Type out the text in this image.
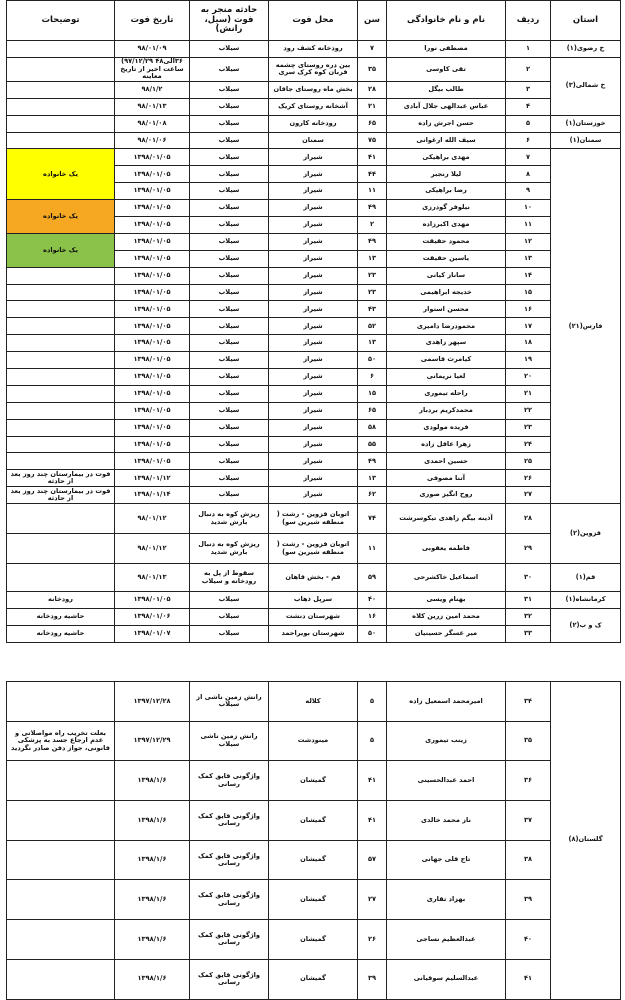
استان	ردیف	نام و نام خانوادگی	سن	محل فوت	حادثه منجر به فوت (سیل، رانش)	تاریخ فوت	توضیحات
خ رضوی(۱)	۱	مصطفی نورا	۷	رودخانه کشف رود	سیلاب	۹۸/۰۱/۰۹	
خ شمالی(۳)	۲	تقی کاوسی	۳۵	بین دره روستای چشمه قربان کوه کرک سری	سیلاب	۳۶الی۴۸ ۹۷/۱۲/۲۹) ساعت اخیر از تاریخ معاینه	
	۳	طالب بیگل	۲۸	بخش ماه روستای جاقان	سیلاب	۹۸/۱/۲	
	۴	عباس عبدالهی جلال آبادی	۲۱	آشخانه روستای کریک	سیلاب	۹۸/۰۱/۱۳	
خوزستان(۱)	۵	حسن اجرش زاده	۶۵	رودخانه کارون	سیلاب	۹۸/۰۱/۰۸	
سمنان(۱)	۶	سیف الله ارغوانی	۷۵	سمنان	سیلاب	۹۸/۰۱/۰۶	
فارس(۲۱)	۷	مهدی براهیکی	۴۱	شیراز	سیلاب	۱۳۹۸/۰۱/۰۵	یک خانواده
	۸	لیلا رنجبر	۴۴	شیراز	سیلاب	۱۳۹۸/۰۱/۰۵	
	۹	رضا براهیکی	۱۱	شیراز	سیلاب	۱۳۹۸/۰۱/۰۵	
	۱۰	نیلوفر گودرزی	۴۹	شیراز	سیلاب	۱۳۹۸/۰۱/۰۵	یک خانواده
	۱۱	مهدی اکبرزاده	۲	شیراز	سیلاب	۱۳۹۸/۰۱/۰۵	
	۱۲	محمود حقیقت	۴۹	شیراز	سیلاب	۱۳۹۸/۰۱/۰۵	یک خانواده
	۱۳	یاسین حقیقت	۱۳	شیراز	سیلاب	۱۳۹۸/۰۱/۰۵	
	۱۴	ساناز کیانی	۲۳	شیراز	سیلاب	۱۳۹۸/۰۱/۰۵	
	۱۵	خدیجه ابراهیمی	۲۳	شیراز	سیلاب	۱۳۹۸/۰۱/۰۵	
	۱۶	محسن استوار	۴۳	شیراز	سیلاب	۱۳۹۸/۰۱/۰۵	
	۱۷	محمودرضا دامیری	۵۲	شیراز	سیلاب	۱۳۹۸/۰۱/۰۵	
	۱۸	سپهر زاهدی	۱۳	شیراز	سیلاب	۱۳۹۸/۰۱/۰۵	
	۱۹	کیامرث قاسمی	۵۰	شیراز	سیلاب	۱۳۹۸/۰۱/۰۵	
	۲۰	لعیا نریمانی	۶	شیراز	سیلاب	۱۳۹۸/۰۱/۰۵	
	۲۱	راحله تیموری	۱۵	شیراز	سیلاب	۱۳۹۸/۰۱/۰۵	
	۲۲	محمدکریم بردبار	۶۵	شیراز	سیلاب	۱۳۹۸/۰۱/۰۵	
	۲۳	فریده مولودی	۵۸	شیراز	سیلاب	۱۳۹۸/۰۱/۰۵	
	۲۴	زهرا عاقل زاده	۵۵	شیراز	سیلاب	۱۳۹۸/۰۱/۰۵	
	۲۵	حسین احمدی	۴۹	شیراز	سیلاب	۱۳۹۸/۰۱/۰۵	
	۲۶	آتنا مصوفی	۱۳	شیراز	سیلاب	۱۳۹۸/۰۱/۱۲	فوت در بیمارستان چند روز بعد از حادثه
	۲۷	روح انگیز صوری	۶۲	شیراز	سیلاب	۱۳۹۸/۰۱/۱۴	فوت در بیمارستان چند روز بعد از حادثه
قزوین(۲)	۲۸	آذینه بیگم زاهدی تیکوسرشت	۷۴	اتوبان قزوین - رشت ( منطقه شیرین سو)	ریزش کوه به دنبال بارش شدید	۹۸/۰۱/۱۲	
	۲۹	فاطمه یعقوبی	۱۱	اتوبان قزوین - رشت ( منطقه شیرین سو)	ریزش کوه به دنبال بارش شدید	۹۸/۰۱/۱۲	
قم(۱)	۳۰	اسماعیل خاکشرحی	۵۹	قم - بخش قاهان	سقوط از پل به رودخانه و سیلاب	۹۸/۰۱/۱۳	
کرمانشاه(۱)	۳۱	بهنام ویسی	۴۰	سرپل ذهاب	سیلاب	۱۳۹۸/۰۱/۰۵	رودخانه
ک و ب(۲)	۳۲	محمد امین زرین کلاه	۱۶	شهرستان دنشت	سیلاب	۱۳۹۸/۰۱/۰۶	حاشیه رودخانه
	۳۳	میر عسگر حسینیان	۵۰	شهرستان بویراحمد	سیلاب	۱۳۹۸/۰۱/۰۷	حاشیه رودخانه
گلستان(۸)	۳۴	امیرمحمد اسمعیل زاده	۵	کلاله	رانش زمین ناشی از سیلاب	۱۳۹۷/۱۲/۲۸	
	۳۵	زینب تیموری	۵	مینودشت	رانش زمین ناشی سیلاب	۱۳۹۷/۱۲/۲۹	بعلت تخریب راه مواصلاتی و عدم ارجاع جسد به پزشکی قانونی، جواز دفن صادر نگردید
	۳۶	احمد عبدالحسینی	۴۱	گمیشان	واژگونی قایق کمک رسانی	۱۳۹۸/۱/۶	
	۳۷	ناز محمد خالدی	۴۱	گمیشان	واژگونی قایق کمک رسانی	۱۳۹۸/۱/۶	
	۳۸	تاج قلی جهانی	۵۷	گمیشان	واژگونی قایق کمک رسانی	۱۳۹۸/۱/۶	
	۳۹	بهزاد تقاری	۲۷	گمیشان	واژگونی قایق کمک رسانی	۱۳۹۸/۱/۶	
	۴۰	عبدالعظیم نساجی	۲۶	گمیشان	واژگونی قایق کمک رسانی	۱۳۹۸/۱/۶	
	۴۱	عبدالسلیم سوقیانی	۳۹	گمیشان	واژگونی قایق کمک رسانی	۱۳۹۸/۱/۶	
